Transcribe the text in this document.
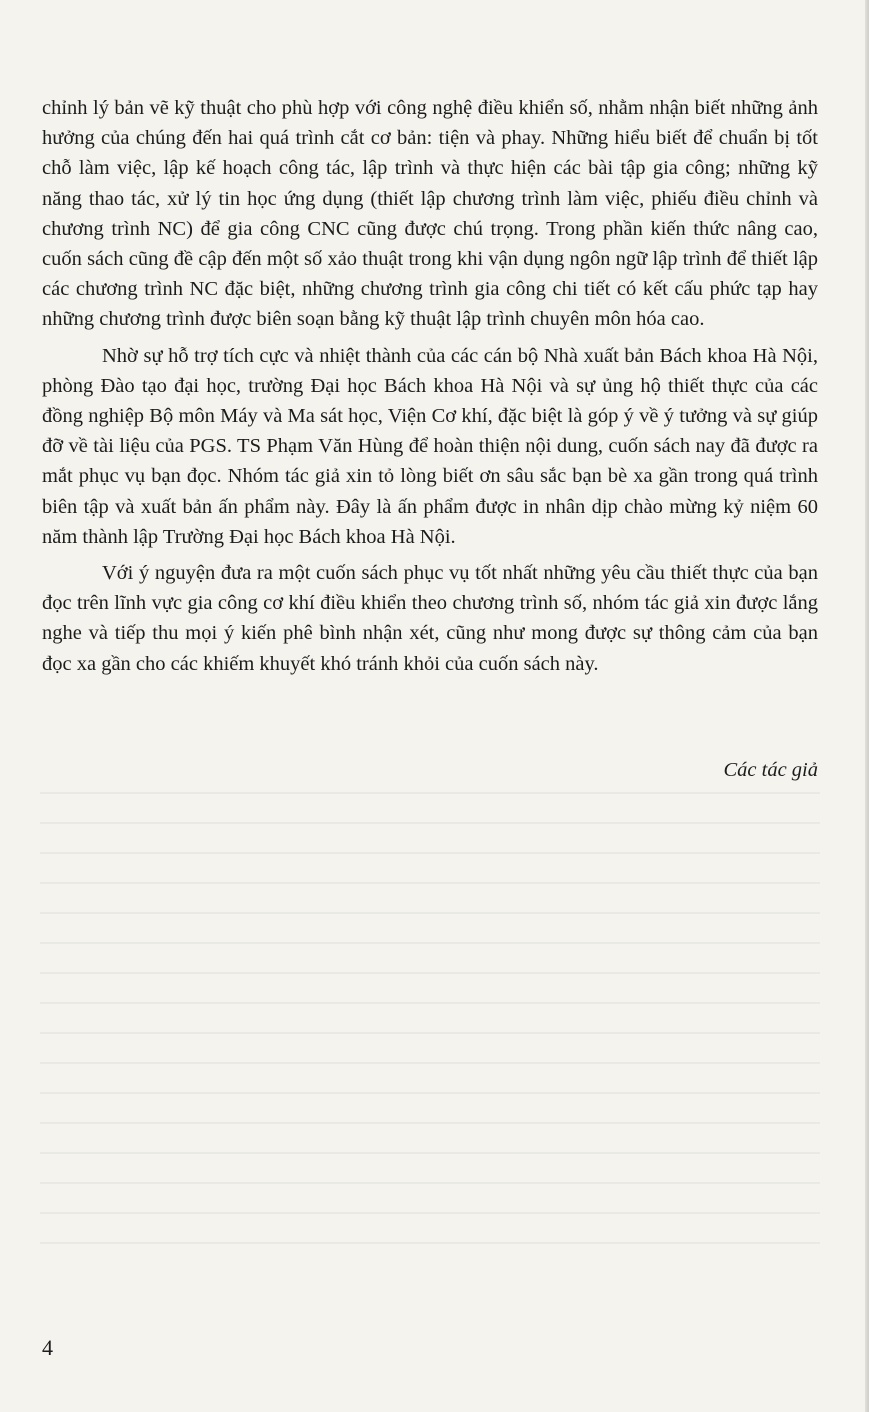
chỉnh lý bản vẽ kỹ thuật cho phù hợp với công nghệ điều khiển số, nhằm nhận biết những ảnh hưởng của chúng đến hai quá trình cắt cơ bản: tiện và phay. Những hiểu biết để chuẩn bị tốt chỗ làm việc, lập kế hoạch công tác, lập trình và thực hiện các bài tập gia công; những kỹ năng thao tác, xử lý tin học ứng dụng (thiết lập chương trình làm việc, phiếu điều chỉnh và chương trình NC) để gia công CNC cũng được chú trọng. Trong phần kiến thức nâng cao, cuốn sách cũng đề cập đến một số xảo thuật trong khi vận dụng ngôn ngữ lập trình để thiết lập các chương trình NC đặc biệt, những chương trình gia công chi tiết có kết cấu phức tạp hay những chương trình được biên soạn bằng kỹ thuật lập trình chuyên môn hóa cao.

Nhờ sự hỗ trợ tích cực và nhiệt thành của các cán bộ Nhà xuất bản Bách khoa Hà Nội, phòng Đào tạo đại học, trường Đại học Bách khoa Hà Nội và sự ủng hộ thiết thực của các đồng nghiệp Bộ môn Máy và Ma sát học, Viện Cơ khí, đặc biệt là góp ý về ý tưởng và sự giúp đỡ về tài liệu của PGS. TS Phạm Văn Hùng để hoàn thiện nội dung, cuốn sách nay đã được ra mắt phục vụ bạn đọc. Nhóm tác giả xin tỏ lòng biết ơn sâu sắc bạn bè xa gần trong quá trình biên tập và xuất bản ấn phẩm này. Đây là ấn phẩm được in nhân dịp chào mừng kỷ niệm 60 năm thành lập Trường Đại học Bách khoa Hà Nội.

Với ý nguyện đưa ra một cuốn sách phục vụ tốt nhất những yêu cầu thiết thực của bạn đọc trên lĩnh vực gia công cơ khí điều khiển theo chương trình số, nhóm tác giả xin được lắng nghe và tiếp thu mọi ý kiến phê bình nhận xét, cũng như mong được sự thông cảm của bạn đọc xa gần cho các khiếm khuyết khó tránh khỏi của cuốn sách này.

Các tác giả
4
